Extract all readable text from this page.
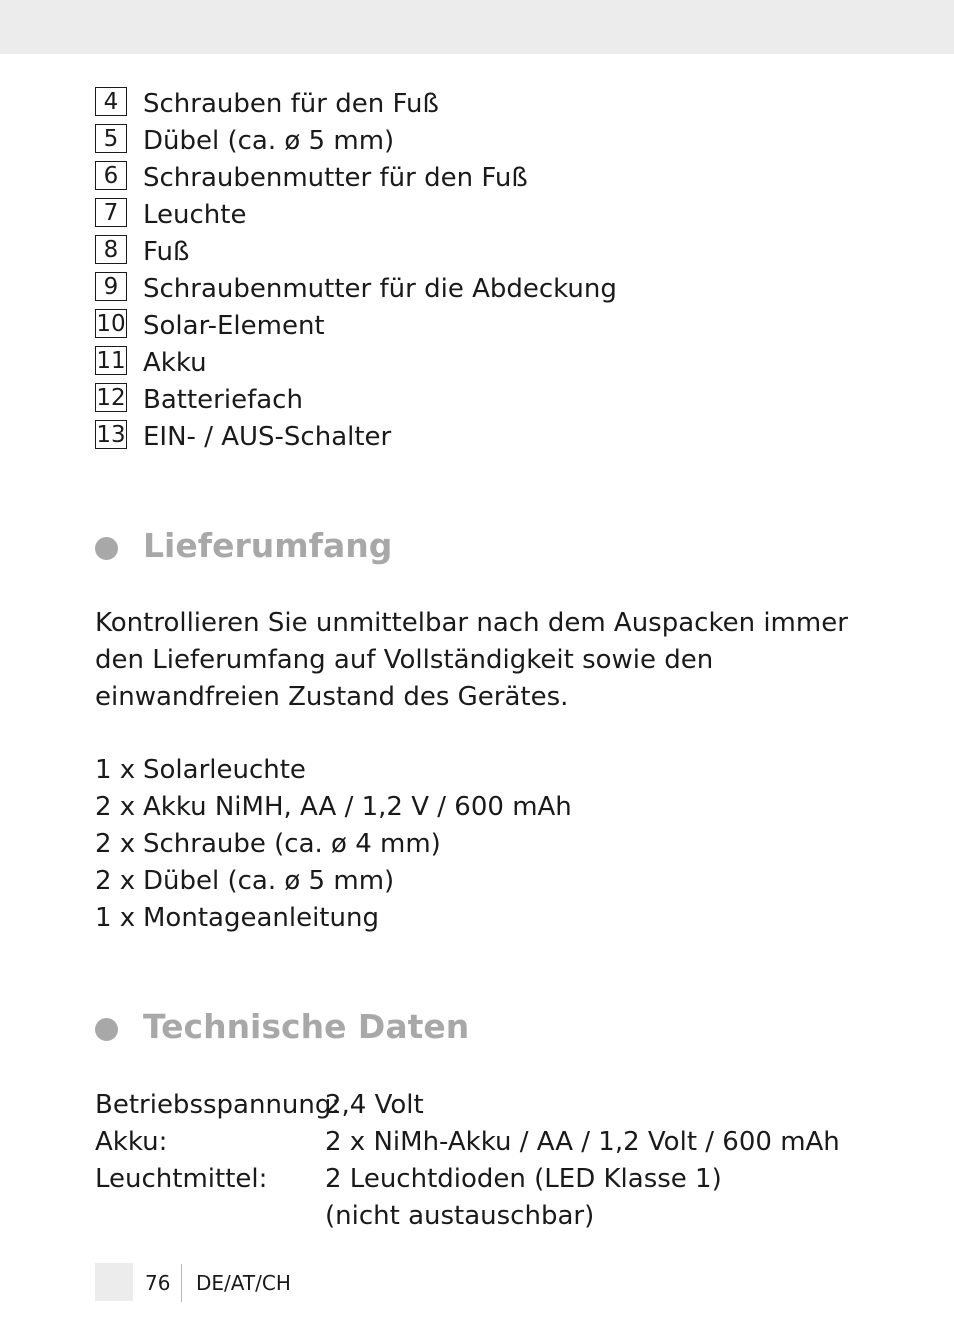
4 Schrauben für den Fuß
5 Dübel (ca. ø 5 mm)
6 Schraubenmutter für den Fuß
7 Leuchte
8 Fuß
9 Schraubenmutter für die Abdeckung
10 Solar-Element
11 Akku
12 Batteriefach
13 EIN- / AUS-Schalter
Lieferumfang
Kontrollieren Sie unmittelbar nach dem Auspacken immer den Lieferumfang auf Vollständigkeit sowie den einwandfreien Zustand des Gerätes.
1 x Solarleuchte
2 x Akku NiMH, AA / 1,2 V / 600 mAh
2 x Schraube (ca. ø 4 mm)
2 x Dübel (ca. ø 5 mm)
1 x Montageanleitung
Technische Daten
Betriebsspannung:
2,4 Volt
Akku:	2 x NiMh-Akku / AA / 1,2 Volt / 600 mAh
Leuchtmittel: 2 Leuchtdioden (LED Klasse 1)
(nicht austauschbar)
76 DE/AT/CH
